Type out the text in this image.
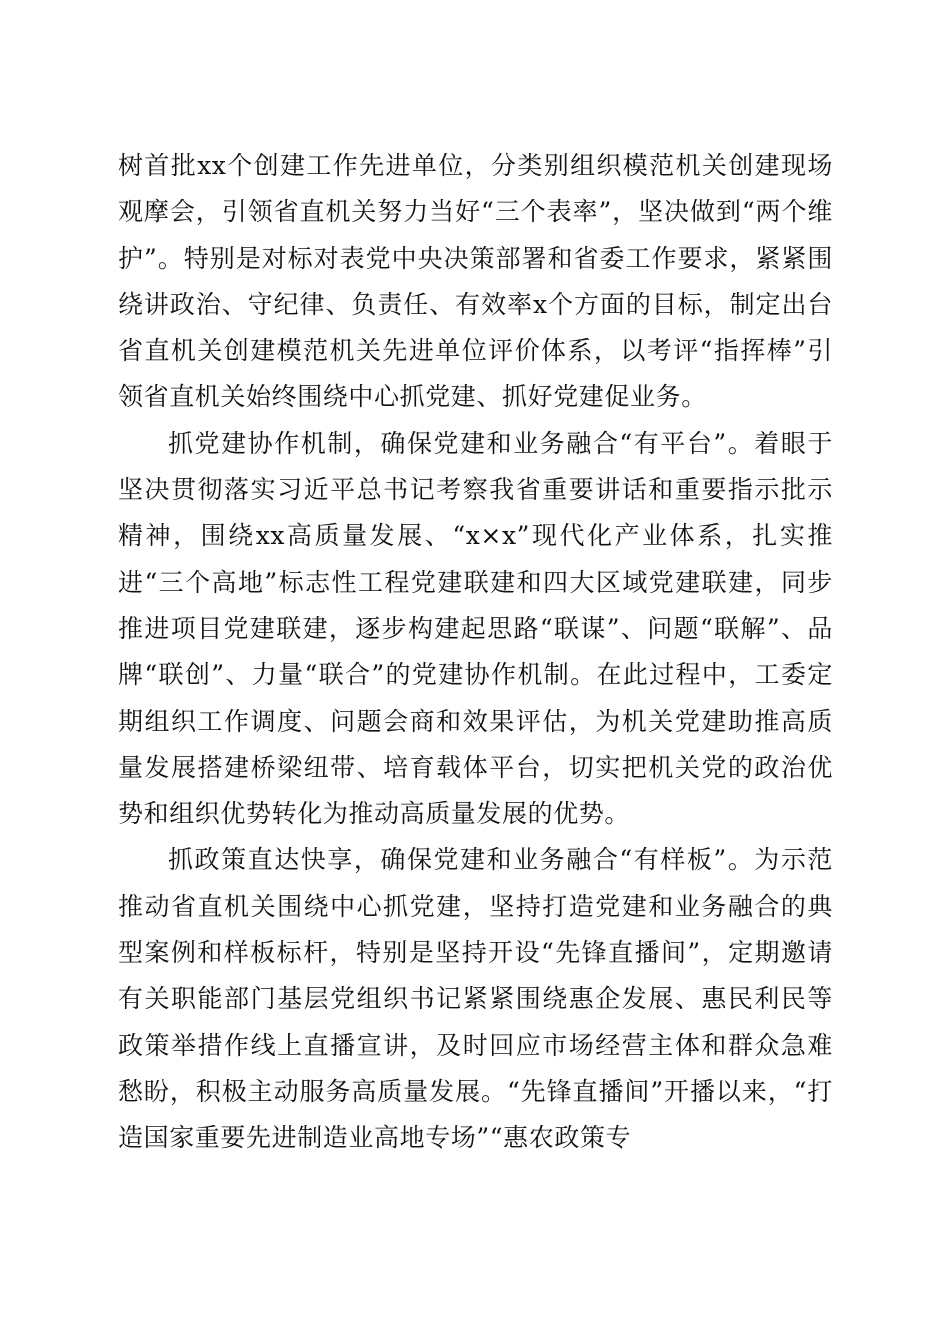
树首批xx个创建工作先进单位，分类别组织模范机关创建现场观摩会，引领省直机关努力当好“三个表率”，坚决做到“两个维护”。特别是对标对表党中央决策部署和省委工作要求，紧紧围绕讲政治、守纪律、负责任、有效率x个方面的目标，制定出台省直机关创建模范机关先进单位评价体系，以考评“指挥棒”引领省直机关始终围绕中心抓党建、抓好党建促业务。

抓党建协作机制，确保党建和业务融合“有平台”。着眼于坚决贯彻落实习近平总书记考察我省重要讲话和重要指示批示精神，围绕xx高质量发展、“x×x”现代化产业体系，扎实推进“三个高地”标志性工程党建联建和四大区域党建联建，同步推进项目党建联建，逐步构建起思路“联谋”、问题“联解”、品牌“联创”、力量“联合”的党建协作机制。在此过程中，工委定期组织工作调度、问题会商和效果评估，为机关党建助推高质量发展搭建桥梁纽带、培育载体平台，切实把机关党的政治优势和组织优势转化为推动高质量发展的优势。

抓政策直达快享，确保党建和业务融合“有样板”。为示范推动省直机关围绕中心抓党建，坚持打造党建和业务融合的典型案例和样板标杆，特别是坚持开设“先锋直播间”，定期邀请有关职能部门基层党组织书记紧紧围绕惠企发展、惠民利民等政策举措作线上直播宣讲，及时回应市场经营主体和群众急难愁盼，积极主动服务高质量发展。“先锋直播间”开播以来，“打造国家重要先进制造业高地专场”“惠农政策专
